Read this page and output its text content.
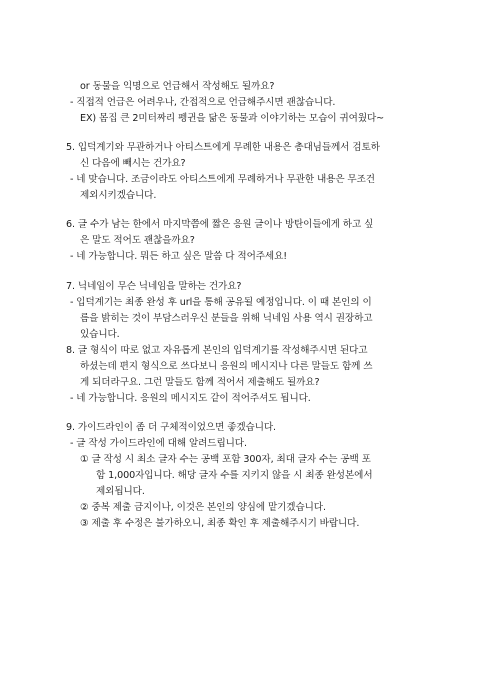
or 동물을 익명으로 언급해서 작성해도 될까요?
- 직접적 언급은 어려우나, 간접적으로 언급해주시면 괜찮습니다.
EX) 몸집 큰 2미터짜리 펭귄을 닮은 동물과 이야기하는 모습이 귀여웠다~
5. 입덕계기와 무관하거나 아티스트에게 무례한 내용은 총대님들께서 검토하
신 다음에 빼시는 건가요?
- 네 맞습니다. 조금이라도 아티스트에게 무례하거나 무관한 내용은 무조건
제외시키겠습니다.
6. 글 수가 남는 한에서 마지막쯤에 짧은 응원 글이나 방탄이들에게 하고 싶
은 말도 적어도 괜찮을까요?
- 네 가능합니다. 뭐든 하고 싶은 말씀 다 적어주세요!
7. 닉네임이 무슨 닉네임을 말하는 건가요?
- 입덕계기는 최종 완성 후 url을 통해 공유될 예정입니다. 이 때 본인의 이
름을 밝히는 것이 부담스러우신 분들을 위해 닉네임 사용 역시 권장하고
있습니다.
8. 글 형식이 따로 없고 자유롭게 본인의 입덕계기를 작성해주시면 된다고
하셨는데 편지 형식으로 쓰다보니 응원의 메시지나 다른 말들도 함께 쓰
게 되더라구요. 그런 말들도 함께 적어서 제출해도 될까요?
- 네 가능합니다. 응원의 메시지도 같이 적어주셔도 됩니다.
9. 가이드라인이 좀 더 구체적이었으면 좋겠습니다.
- 글 작성 가이드라인에 대해 알려드립니다.
① 글 작성 시 최소 글자 수는 공백 포함 300자, 최대 글자 수는 공백 포
함 1,000자입니다. 해당 글자 수를 지키지 않을 시 최종 완성본에서
제외됩니다.
② 중복 제출 금지이나, 이것은 본인의 양심에 맡기겠습니다.
③ 제출 후 수정은 불가하오니, 최종 확인 후 제출해주시기 바랍니다.
